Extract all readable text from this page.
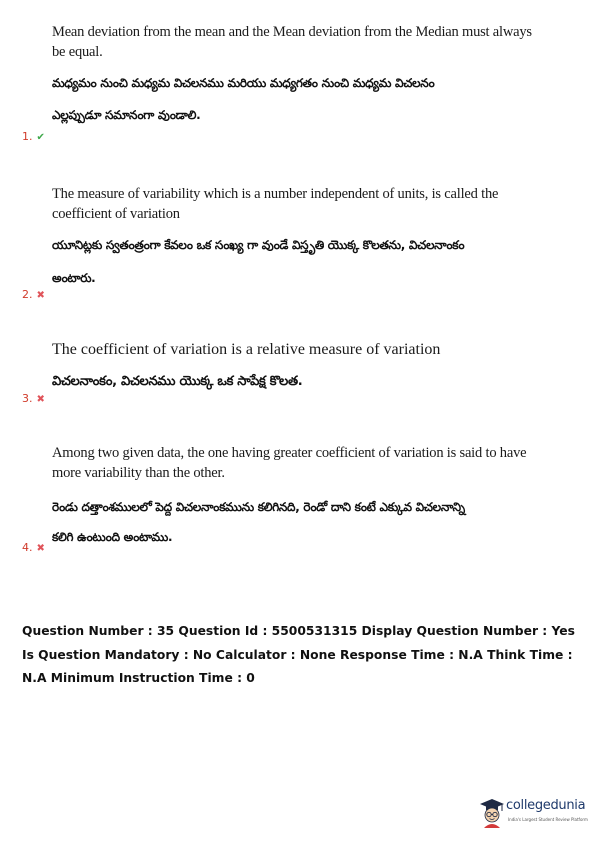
Mean deviation from the mean and the Mean deviation from the Median must always be equal.
మధ్యమం నుంచి మధ్యమ విచలనము మరియు మధ్యగతం నుంచి మధ్యమ విచలనం
ఎల్లప్పుడూ సమానంగా వుండాలి.
1. ✔
The measure of variability which is a number independent of units, is called the coefficient of variation
యూనిట్లకు స్వతంత్రంగా కేవలం ఒక సంఖ్య గా వుండే విస్తృతి యొక్క కొలతను, విచలనాంకం
అంటారు.
2. ✖
The coefficient of variation is a relative measure of variation
విచలనాంకం, విచలనము యొక్క ఒక సాపేక్ష కొలత.
3. ✖
Among two given data, the one having greater coefficient of variation is said to have more variability than the other.
రెండు దత్తాంశములలో పెద్ద విచలనాంకమును కలిగినది, రెండో దాని కంటే ఎక్కువ విచలనాన్ని
కలిగి ఉంటుంది అంటాము.
4. ✖
Question Number : 35 Question Id : 5500531315 Display Question Number : Yes Is Question Mandatory : No Calculator : None Response Time : N.A Think Time : N.A Minimum Instruction Time : 0
collegedunia
India's Largest Student Review Platform
